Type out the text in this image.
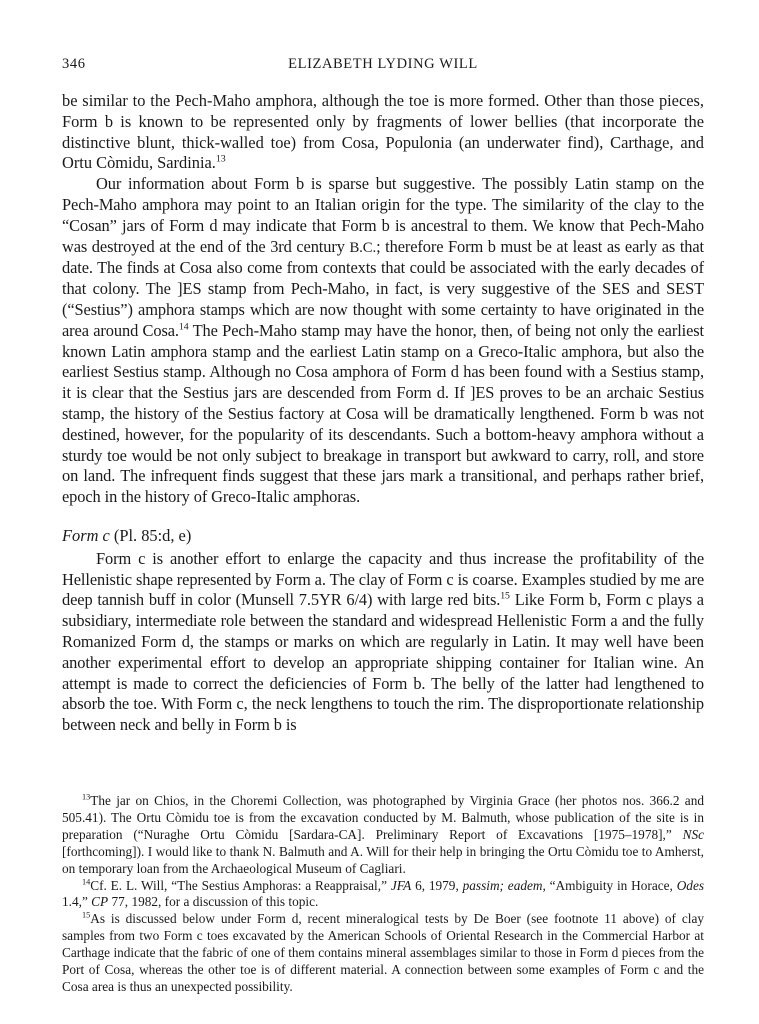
346	ELIZABETH LYDING WILL

be similar to the Pech-Maho amphora, although the toe is more formed. Other than those pieces, Form b is known to be represented only by fragments of lower bellies (that incorporate the distinctive blunt, thick-walled toe) from Cosa, Populonia (an underwater find), Carthage, and Ortu Còmidu, Sardinia.$^{13}$

Our information about Form b is sparse but suggestive. The possibly Latin stamp on the Pech-Maho amphora may point to an Italian origin for the type. The similarity of the clay to the “Cosan” jars of Form d may indicate that Form b is ancestral to them. We know that Pech-Maho was destroyed at the end of the 3rd century B.C.; therefore Form b must be at least as early as that date. The finds at Cosa also come from contexts that could be associated with the early decades of that colony. The ]ES stamp from Pech-Maho, in fact, is very suggestive of the SES and SEST (“Sestius”) amphora stamps which are now thought with some certainty to have originated in the area around Cosa.$^{14}$ The Pech-Maho stamp may have the honor, then, of being not only the earliest known Latin amphora stamp and the earliest Latin stamp on a Greco-Italic amphora, but also the earliest Sestius stamp. Although no Cosa amphora of Form d has been found with a Sestius stamp, it is clear that the Sestius jars are descended from Form d. If ]ES proves to be an archaic Sestius stamp, the history of the Sestius factory at Cosa will be dramatically lengthened. Form b was not destined, however, for the popularity of its descendants. Such a bottom-heavy amphora without a sturdy toe would be not only subject to breakage in transport but awkward to carry, roll, and store on land. The infrequent finds suggest that these jars mark a transitional, and perhaps rather brief, epoch in the history of Greco-Italic amphoras.

Form c (Pl. 85:d, e)

Form c is another effort to enlarge the capacity and thus increase the profitability of the Hellenistic shape represented by Form a. The clay of Form c is coarse. Examples studied by me are deep tannish buff in color (Munsell 7.5YR 6/4) with large red bits.$^{15}$ Like Form b, Form c plays a subsidiary, intermediate role between the standard and widespread Hellenistic Form a and the fully Romanized Form d, the stamps or marks on which are regularly in Latin. It may well have been another experimental effort to develop an appropriate shipping container for Italian wine. An attempt is made to correct the deficiencies of Form b. The belly of the latter had lengthened to absorb the toe. With Form c, the neck lengthens to touch the rim. The disproportionate relationship between neck and belly in Form b is

$^{13}$The jar on Chios, in the Choremi Collection, was photographed by Virginia Grace (her photos nos. 366.2 and 505.41). The Ortu Còmidu toe is from the excavation conducted by M. Balmuth, whose publication of the site is in preparation (“Nuraghe Ortu Còmidu [Sardara-CA]. Preliminary Report of Excavations [1975–1978],” NSc [forthcoming]). I would like to thank N. Balmuth and A. Will for their help in bringing the Ortu Còmidu toe to Amherst, on temporary loan from the Archaeological Museum of Cagliari.

$^{14}$Cf. E. L. Will, “The Sestius Amphoras: a Reappraisal,” JFA 6, 1979, passim; eadem, “Ambiguity in Horace, Odes 1.4,” CP 77, 1982, for a discussion of this topic.

$^{15}$As is discussed below under Form d, recent mineralogical tests by De Boer (see footnote 11 above) of clay samples from two Form c toes excavated by the American Schools of Oriental Research in the Commercial Harbor at Carthage indicate that the fabric of one of them contains mineral assemblages similar to those in Form d pieces from the Port of Cosa, whereas the other toe is of different material. A connection between some examples of Form c and the Cosa area is thus an unexpected possibility.
